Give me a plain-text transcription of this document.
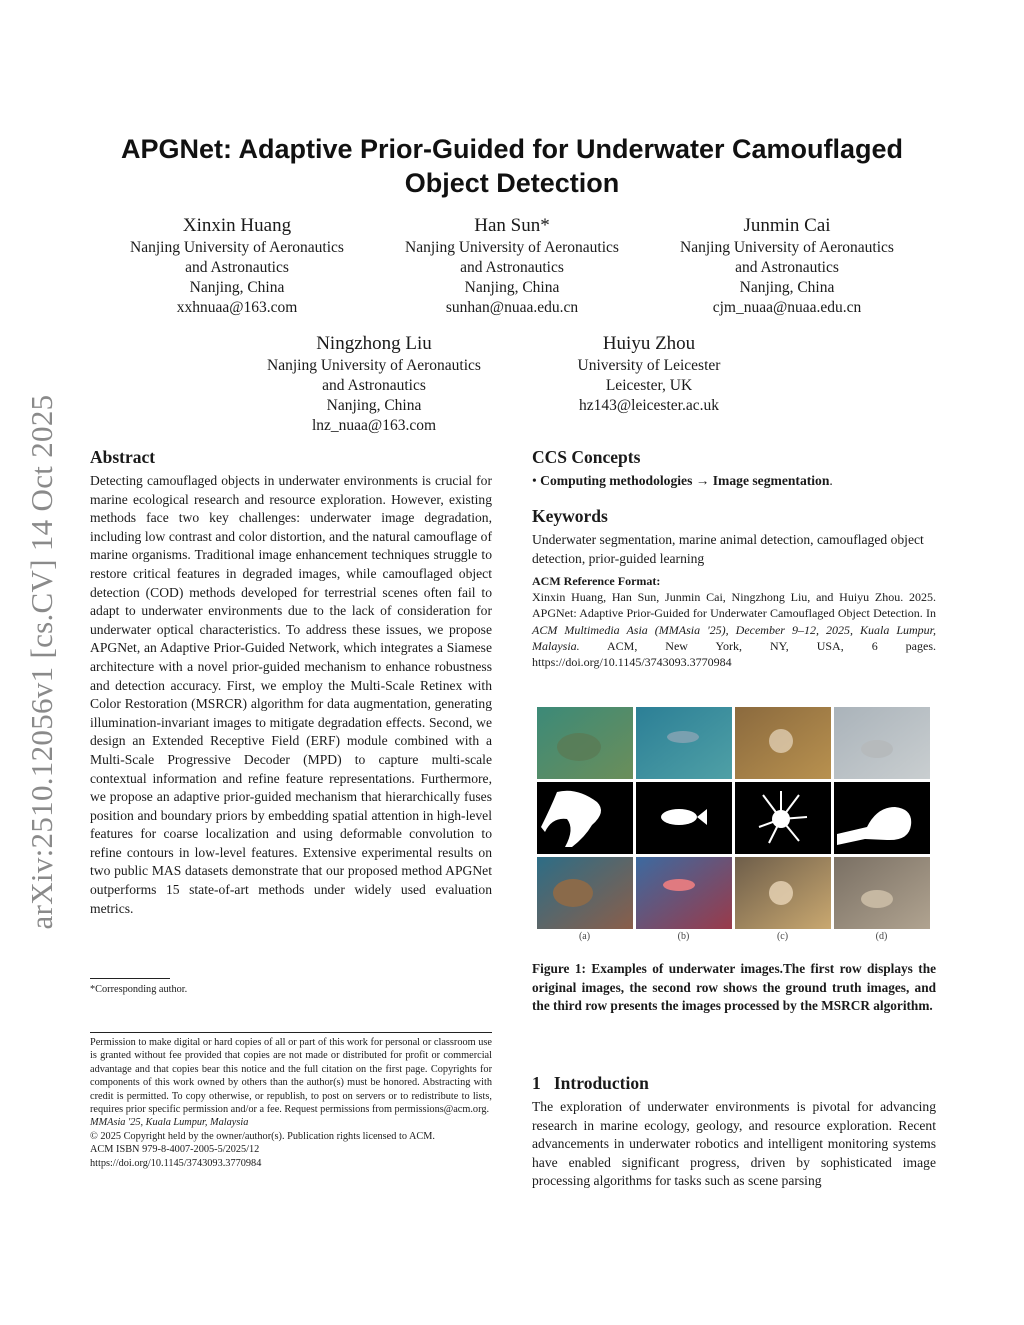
arXiv:2510.12056v1 [cs.CV] 14 Oct 2025
APGNet: Adaptive Prior-Guided for Underwater Camouflaged
Object Detection
Xinxin Huang
Nanjing University of Aeronautics
and Astronautics
Nanjing, China
xxhnuaa@163.com
Han Sun*
Nanjing University of Aeronautics
and Astronautics
Nanjing, China
sunhan@nuaa.edu.cn
Junmin Cai
Nanjing University of Aeronautics
and Astronautics
Nanjing, China
cjm_nuaa@nuaa.edu.cn
Ningzhong Liu
Nanjing University of Aeronautics
and Astronautics
Nanjing, China
lnz_nuaa@163.com
Huiyu Zhou
University of Leicester
Leicester, UK
hz143@leicester.ac.uk
Abstract
Detecting camouflaged objects in underwater environments is crucial for marine ecological research and resource exploration. However, existing methods face two key challenges: underwater image degradation, including low contrast and color distortion, and the natural camouflage of marine organisms. Traditional image enhancement techniques struggle to restore critical features in degraded images, while camouflaged object detection (COD) methods developed for terrestrial scenes often fail to adapt to underwater environments due to the lack of consideration for underwater optical characteristics. To address these issues, we propose APGNet, an Adaptive Prior-Guided Network, which integrates a Siamese architecture with a novel prior-guided mechanism to enhance robustness and detection accuracy. First, we employ the Multi-Scale Retinex with Color Restoration (MSRCR) algorithm for data augmentation, generating illumination-invariant images to mitigate degradation effects. Second, we design an Extended Receptive Field (ERF) module combined with a Multi-Scale Progressive Decoder (MPD) to capture multi-scale contextual information and refine feature representations. Furthermore, we propose an adaptive prior-guided mechanism that hierarchically fuses position and boundary priors by embedding spatial attention in high-level features for coarse localization and using deformable convolution to refine contours in low-level features. Extensive experimental results on two public MAS datasets demonstrate that our proposed method APGNet outperforms 15 state-of-art methods under widely used evaluation metrics.
*Corresponding author.
Permission to make digital or hard copies of all or part of this work for personal or classroom use is granted without fee provided that copies are not made or distributed for profit or commercial advantage and that copies bear this notice and the full citation on the first page. Copyrights for components of this work owned by others than the author(s) must be honored. Abstracting with credit is permitted. To copy otherwise, or republish, to post on servers or to redistribute to lists, requires prior specific permission and/or a fee. Request permissions from permissions@acm.org.
MMAsia '25, Kuala Lumpur, Malaysia
© 2025 Copyright held by the owner/author(s). Publication rights licensed to ACM.
ACM ISBN 979-8-4007-2005-5/2025/12
https://doi.org/10.1145/3743093.3770984
CCS Concepts
• Computing methodologies → Image segmentation.
Keywords
Underwater segmentation, marine animal detection, camouflaged object detection, prior-guided learning
ACM Reference Format:
Xinxin Huang, Han Sun, Junmin Cai, Ningzhong Liu, and Huiyu Zhou. 2025. APGNet: Adaptive Prior-Guided for Underwater Camouflaged Object Detection. In ACM Multimedia Asia (MMAsia '25), December 9–12, 2025, Kuala Lumpur, Malaysia. ACM, New York, NY, USA, 6 pages. https://doi.org/10.1145/3743093.3770984
(a)	(b)	(c)	(d)
Figure 1: Examples of underwater images.The first row displays the original images, the second row shows the ground truth images, and the third row presents the images processed by the MSRCR algorithm.
1 Introduction
The exploration of underwater environments is pivotal for advancing research in marine ecology, geology, and resource exploration. Recent advancements in underwater robotics and intelligent monitoring systems have enabled significant progress, driven by sophisticated image processing algorithms for tasks such as scene parsing
